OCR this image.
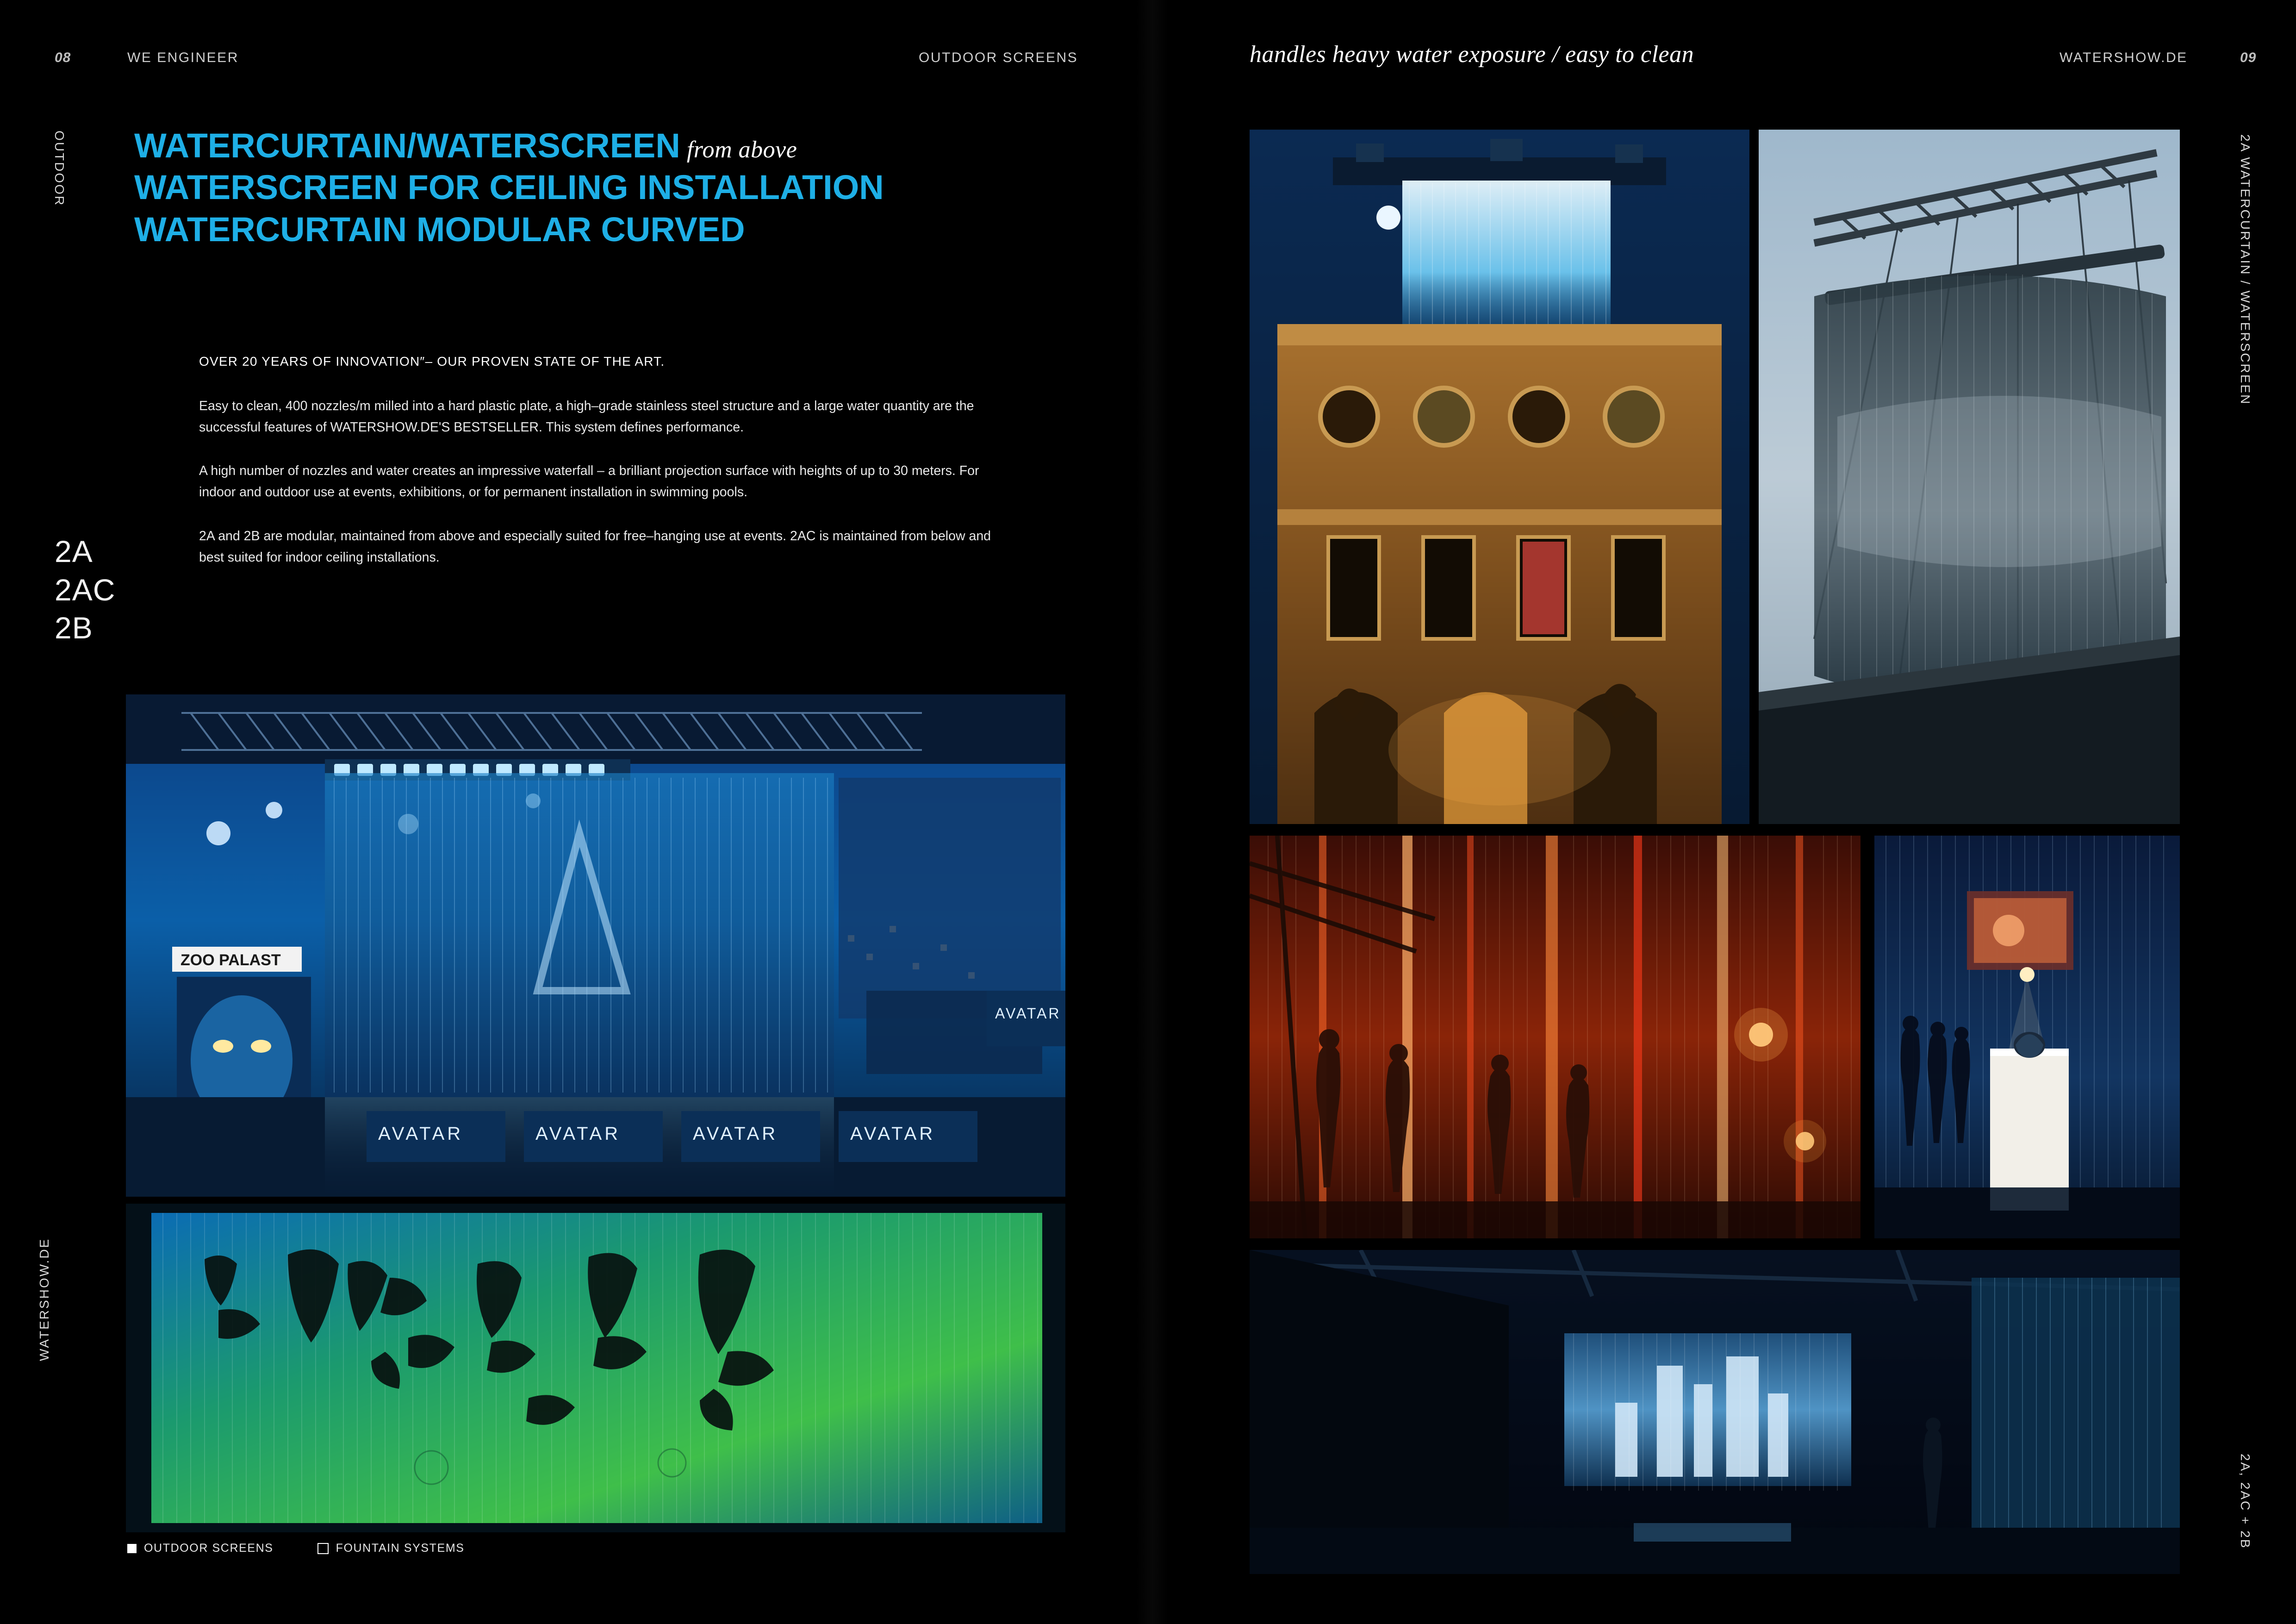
08	WE ENGINEER	OUTDOOR SCREENS	handles heavy water exposure / easy to clean	WATERSHOW.DE	09
OUTDOOR
WATERSHOW.DE
2A WATERCURTAIN / WATERSCREEN
2A, 2AC + 2B
WATERCURTAIN/WATERSCREEN from above
WATERSCREEN FOR CEILING INSTALLATION
WATERCURTAIN MODULAR CURVED
2A
2AC
2B
OVER 20 YEARS OF INNOVATION″– OUR PROVEN STATE OF THE ART.
Easy to clean, 400 nozzles/m milled into a hard plastic plate, a high–grade stainless steel structure and a large water quantity are the successful features of WATERSHOW.DE'S BESTSELLER. This system defines performance.
A high number of nozzles and water creates an impressive waterfall – a brilliant projection surface with heights of up to 30 meters. For indoor and outdoor use at events, exhibitions, or for permanent installation in swimming pools.
2A and 2B are modular, maintained from above and especially suited for free–hanging use at events. 2AC is maintained from below and best suited for indoor ceiling installations.
ZOO PALAST
AVATAR	AVATAR	AVATAR	AVATAR
AVATAR
OUTDOOR SCREENS	FOUNTAIN SYSTEMS
